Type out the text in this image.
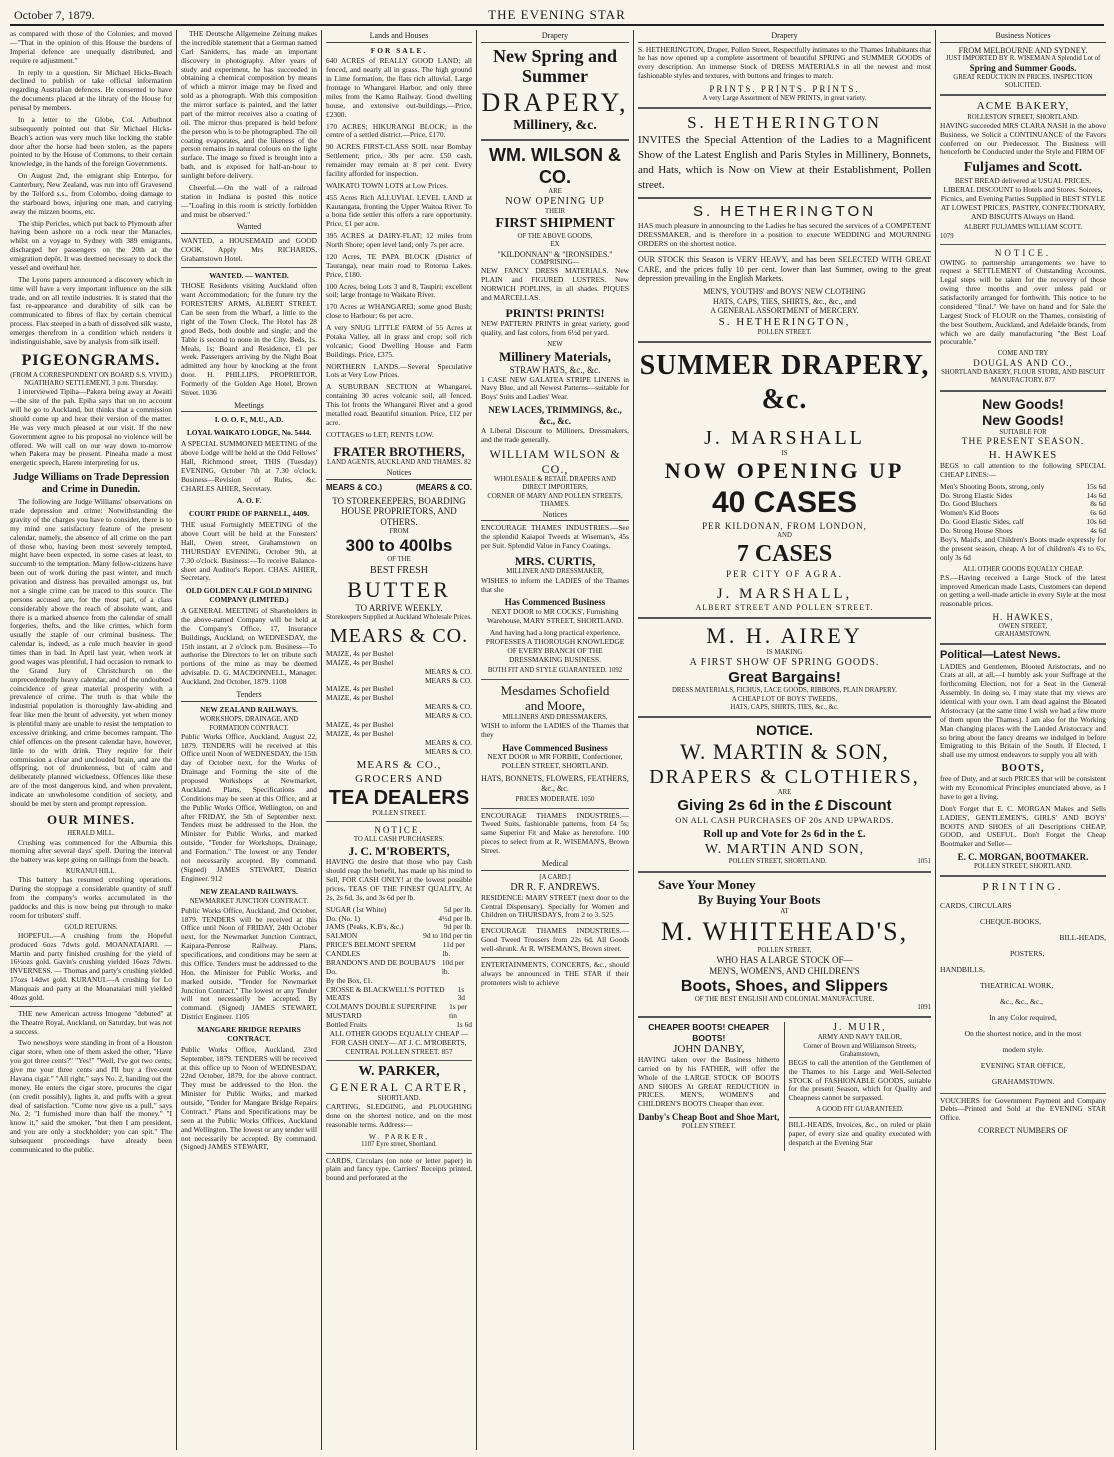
October 7, 1879.	THE EVENING STAR

as compared with those of the Colonies, and moved—"That in the opinion of this House the burdens of Imperial defence are unequally distributed, and require re adjustment."

In reply to a question, Sir Michael Hicks-Beach declined to publish or take official information regarding Australian defences. He consented to have the documents placed at the library of the House for perusal by members.

In a letter to the Globe, Col. Arbuthnot subsequently pointed out that Sir Michael Hicks-Beach's action was very much like locking the stable door after the horse had been stolen, as the papers pointed to by the House of Commons, to their certain knowledge, in the hands of the foreign Governments.

On August 2nd, the emigrant ship Enterpo, for Canterbury, New Zealand, was run into off Gravesend by the Telford s.s., from Colombo, doing damage to the starboard bows, injuring one man, and carrying away the mizzen booms, etc.

The ship Pericles, which put back to Plymouth after having been ashore on a rock near the Manacles, whilst on a voyage to Sydney with 389 emigrants, discharged her passengers on the 20th at the emigration depôt. It was deemed necessary to dock the vessel and overhaul her.

The Lyons papers announced a discovery which in time will have a very important influence on the silk trade, and on all textile industries. It is stated that the fast re-appearance and durability of silk can be communicated to fibres of flax by certain chemical process. Flax steeped in a bath of dissolved silk waste, emerges therefrom in a condition which renders it indistinguishable, save by analysis from silk itself.

PIGEONGRAMS.
(FROM A CORRESPONDENT ON BOARD S.S. VIVID.)
NGATIHARO SETTLEMENT, 3 p.m. Thursday.

I interviewed Tipiha—Pakera being away at Awaiti—the site of the pah. Epiha says that on no account will he go to Auckland, but thinks that a commission should come up and hear their version of the matter. He was very much pleased at our visit. If the new Government agree to his proposal no violence will be offered. We will call on our way down to-morrow when Pakera may be present. Pineaha made a most energetic speech, Harete interpreting for us.

Judge Williams on Trade Depression and Crime in Dunedin.

The following are Judge Williams' observations on trade depression and crime: Notwithstanding the gravity of the charges you have to consider, there is to my mind one satisfactory feature of the present calendar, namely, the absence of all crime on the part of those who, having been most severely tempted, might have been expected, in some cases at least, to succumb to the temptation. Many fellow-citizens have been out of work during the past winter, and much privation and distress has prevailed amongst us, but not a single crime can be traced to this source. The persons accused are, for the most part, of a class considerably above the reach of absolute want, and there is a marked absence from the calendar of small forgeries, thefts, and the like crimes, which form usually the staple of our criminal business. The calendar is, indeed, as a rule much heavier in good times than in bad. In April last year, when work at good wages was plentiful, I had occasion to remark to the Grand Jury of Christchurch on the unprecedentedly heavy calendar, and of the undoubted coincidence of great material prosperity with a prevalence of crime. The truth is that while the industrial population is thoroughly law-abiding and fear like men the brunt of adversity, yet when money is plentiful many are unable to resist the temptation to excessive drinking, and crime becomes rampant. The chief offences on the present calendar have, however, little to do with drink. They require for their commission a clear and unclouded brain, and are the offspring, not of drunkenness, but of calm and deliberately planned wickedness. Offences like these are of the most dangerous kind, and when prevalent, indicate an unwholesome condition of society, and should be met by stern and prompt repression.

OUR MINES.
HERALD MILL.

Crushing was commenced for the Alburnia this morning after several days' spell. During the interval the battery was kept going on tailings from the beach.

KURANUI HILL.

This battery has resumed crushing operations. During the stoppage a considerable quantity of stuff from the company's works accumulated in the paddocks and this is now being put through to make room for tributers' stuff.

GOLD RETURNS.

HOPEFUL.—A crushing from the Hopeful produced 6ozs 7dwts gold. MOANATAIARI. — Martin and party finished crushing for the yield of 16½ozs gold. Gavin's crushing yielded 16ozs 7dwts. INVERNESS. — Thomas and party's crushing yielded 17ozs 14dwt gold. KURANUI.—A crushing for Lo Manquais and party at the Moanataiari mill yielded 40ozs gold.

THE new American actress Imogene "debuted" at the Theatre Royal, Auckland, on Saturday, but was not a success.

Two newsboys were standing in front of a Houston cigar store, when one of them asked the other, "Have you got three cents?" "Yes!" "Well, I've got two cents; give me your three cents and I'll buy a five-cent Havana cigar." "All right," says No. 2, handing out the money. He enters the cigar store, procures the cigar (on credit possibly), lights it, and puffs with a great deal of satisfaction. "Come now give us a pull," says No. 2; "I furnished more than half the money." "I know it," said the smoker, "but then I am president, and you are only a stockholder; you can spit." The subsequent proceedings have already been communicated to the public.

THE Deutsche Allgemeine Zeitung makes the incredible statement that a German named Carl Saniderrs, has made an important discovery in photography. After years of study and experiment, he has succeeded in obtaining a chemical composition by means of which a mirror image may be fixed and sold as a photograph. With this composition the mirror surface is painted, and the latter part of the mirror receives also a coating of oil. The mirror thus prepared is held before the person who is to be photographed. The oil coating evaporates, and the likeness of the person remains in natural colours on the light surface. The image so fixed is brought into a bath, and is exposed for half-an-hour to sunlight before delivery.

Cheerful.—On the wall of a railroad station in Indiana is posted this notice—"Loafing in this room is strictly forbidden and must be observed."

Wanted

WANTED, a HOUSEMAID and GOOD COOK. Apply Mrs RICHARDS, Grahamstown Hotel.

WANTED. — WANTED.

THOSE Residents visiting Auckland often want Accommodation; for the future try the FORESTERS' ARMS, ALBERT STREET. Can be seen from the Wharf, a little to the right of the Town Clock. The Hotel has 28 good Beds, both double and single; and the Table is second to none in the City. Beds, 1s. Meals, 1s; Board and Residence, £1 per week. Passengers arriving by the Night Boat admitted any hour by knocking at the front door. H. PHILLIPS, PROPRIETOR, Formerly of the Golden Age Hotel, Brown Street. 1036

Meetings
I. O. O. F., M.U., A.D.
LOYAL WAIKATO LODGE, No. 5444.

A SPECIAL SUMMONED MEETING of the above Lodge will be held at the Odd Fellows' Hall, Richmond street, THIS (Tuesday) EVENING, October 7th at 7.30 o'clock. Business—Revision of Rules, &c. CHARLES AHIER, Secretary.

A. O. F.
COURT PRIDE OF PARNELL, 4409.

THE usual Fortnightly MEETING of the above Court will be held at the Foresters' Hall, Owen street, Grahamstown on THURSDAY EVENING, October 9th, at 7.30 o'clock. Business:—To receive Balance-sheet and Auditor's Report. CHAS. AHIER, Secretary.

OLD GOLDEN CALF GOLD MINING COMPANY (LIMITED.)

A GENERAL MEETING of Shareholders in the above-named Company will be held at the Company's Office, 17, Insurance Buildings, Auckland, on WEDNESDAY, the 15th instant, at 2 o'clock p.m. Business—To authorise the Directors to let on tribute such portions of the mine as may be deemed advisable. D. G. MACDONNELL, Manager. Auckland, 2nd October, 1879. 1108

Tenders
NEW ZEALAND RAILWAYS.
WORKSHOPS, DRAINAGE, AND FORMATION CONTRACT.

Public Works Office, Auckland, August 22, 1879. TENDERS will be received at this Office until Noon of WEDNESDAY, the 15th day of October next, for the Works of Drainage and Forming the site of the proposed Workshops at Newmarket, Auckland. Plans, Specifications and Conditions may be seen at this Office, and at the Public Works Office, Wellington, on and after FRIDAY, the 5th of September next. Tenders must be addressed to the Hon. the Minister for Public Works, and marked outside, "Tender for Workshops, Drainage, and Formation." The lowest or any Tender not necessarily accepted. By command. (Signed) JAMES STEWART, District Engineer. 912

NEW ZEALAND RAILWAYS.
NEWMARKET JUNCTION CONTRACT.

Public Works Office, Auckland, 2nd October, 1879. TENDERS will be received at this Office until Noon of FRIDAY, 24th October next, for the Newmarket Junction Contract, Kaipara-Penrose Railway. Plans, specifications, and conditions may be seen at this Office. Tenders must be addressed to the Hon. the Minister for Public Works, and marked outside, "Tender for Newmarket Junction Contract." The lowest or any Tender will not necessarily be accepted. By command. (Signed) JAMES STEWART, District Engineer. 1105

MANGARE BRIDGE REPAIRS CONTRACT.

Public Works Office, Auckland, 23rd September, 1879. TENDERS will be received at this office up to Noon of WEDNESDAY, 22nd October, 1879, for the above contract. They must be addressed to the Hon. the Minister for Public Works, and marked outside, "Tender for Mangare Bridge Repairs Contract." Plans and Specifications may be seen at the Public Works Offices, Auckland and Wellington. The lowest or any tender will not necessarily be accepted. By command. (Signed) JAMES STEWART,

Lands and Houses
FOR SALE.

640 ACRES of REALLY GOOD LAND; all fenced, and nearly all in grass. The high ground in Lime formation, the flats rich alluvial. Large frontage to Whangarei Harbor, and only three miles from the Kamo Railway. Good dwelling house, and extensive out-buildings.—Price, £2300.

170 ACRES; HIKURANGI BLOCK; in the centre of a settled district.—Price, £170.

90 ACRES FIRST-CLASS SOIL near Bombay Settlement; price, 30s per acre. £50 cash, remainder may remain at 8 per cent. Every facility afforded for inspection.

WAIKATO TOWN LOTS at Low Prices.

455 Acres Rich ALLUVIAL LEVEL LAND at Kautangata, fronting the Upper Waitoa River. To a bona fide settler this offers a rare opportunity. Price, £1 per acre.

395 ACRES at DAIRY-FLAT; 12 miles from North Shore; open level land; only 7s per acre.

120 Acres, TE PAPA BLOCK (District of Tauranga), near main road to Rotorua Lakes. Price, £180.

100 Acres, being Lots 3 and 8, Taupiri; excellent soil; large frontage to Waikato River.

170 Acres at WHANGAREI; some good Bush; close to Harbour; 6s per acre.

A very SNUG LITTLE FARM of 55 Acres at Potaka Valley, all in grass and crop; soil rich volcanic; Good Dwelling House and Farm Buildings. Price, £375.

NORTHERN LANDS.—Several Speculative Lots at Very Low Prices.

A SUBURBAN SECTION at Whangarei, containing 30 acres volcanic soil, all fenced. This lot fronts the Whangarei River and a good metalled road. Beautiful situation. Price, £12 per acre.

COTTAGES to LET; RENTS LOW.

FRATER BROTHERS,
LAND AGENTS, AUCKLAND AND THAMES. 82
Notices
MEARS & CO.)	(MEARS & CO.
TO STOREKEEPERS, BOARDING HOUSE PROPRIETORS, AND OTHERS.
FROM
300 to 400lbs
OF THE
BEST FRESH
BUTTER
TO ARRIVE WEEKLY.
Storekeepers Supplied at Auckland Wholesale Prices.
MEARS & CO.
MAIZE, 4s per Bushel
MAIZE, 4s per Bushel
MEARS & CO.
MEARS & CO.
MAIZE, 4s per Bushel
MAIZE, 4s per Bushel
MEARS & CO.
MEARS & CO.
MAIZE, 4s per Bushel
MAIZE, 4s per Bushel
MEARS & CO.
MEARS & CO.
MEARS & CO., GROCERS AND
TEA DEALERS
POLLEN STREET.
NOTICE.
TO ALL CASH PURCHASERS.
J. C. M'ROBERTS,

HAVING the desire that those who pay Cash should reap the benefit, has made up his mind to Sell, FOR CASH ONLY! at the lowest possible prices, TEAS OF THE FINEST QUALITY, At 2s, 2s 6d, 3s, and 3s 6d per lb.

SUGAR (1st White)	5d per lb.
Do. (No. 1)	4½d per lb.
JAMS (Peaks, K.B's, &c.)	9d per lb.
SALMON	9d to 10d per tin
PRICE'S BELMONT SPERM CANDLES
11d per lb.
BRANDON'S AND DE BOUBAU'S Do.
10d per lb.
By the Box, £1.
CROSSE & BLACKWELL'S POTTED MEATS
1s 3d
COLMAN'S DOUBLE SUPERFINE MUSTARD
1s per tin
Bottled Fruits	1s 6d

ALL OTHER GOODS EQUALLY CHEAP —FOR CASH ONLY— AT J. C. M'ROBERTS, CENTRAL POLLEN STREET. 857

W. PARKER,
GENERAL CARTER,
SHORTLAND.

CARTING, SLEDGING, and PLOUGHING done on the shortest notice, and on the most reasonable terms. Address:—

W. PARKER,
1107 Eyre street, Shortland.

CARDS, Circulars (on note or letter paper) in plain and fancy type. Carriers' Receipts printed, bound and perforated at the

Drapery
New Spring and
Summer
DRAPERY,
Millinery, &c.
WM. WILSON & CO.
ARE
NOW OPENING UP
THEIR
FIRST SHIPMENT
OF THE ABOVE GOODS,
EX
"KILDONNAN" & "IRONSIDES."
COMPRISING—

NEW FANCY DRESS MATERIALS. New PLAIN and FIGURED LUSTRES. New NORWICH POPLINS, in all shades. PIQUES and MARCELLAS.

PRINTS! PRINTS!

NEW PATTERN PRINTS in great variety, good quality, and fast colors, from 6½d per yard.

NEW
Millinery Materials,
STRAW HATS, &c., &c.

1 CASE NEW GALATEA STRIPE LINENS in Navy Blue, and all Newest Patterns—suitable for Boys' Suits and Ladies' Wear.

NEW LACES, TRIMMINGS, &c., &c., &c.

A Liberal Discount to Milliners, Dressmakers, and the trade generally.

WILLIAM WILSON & CO.,
WHOLESALE & RETAIL DRAPERS AND DIRECT IMPORTERS,
CORNER OF MARY AND POLLEN STREETS, THAMES.
Notices

ENCOURAGE THAMES INDUSTRIES.—See the splendid Kaiapoi Tweeds at Wiseman's, 45s per Suit. Splendid Value in Fancy Coatings.

MRS. CURTIS,
MILLINER AND DRESSMAKER,

WISHES to inform the LADIES of the Thames that she

Has Commenced Business

NEXT DOOR to MR COCKS', Furnishing Warehouse, MARY STREET, SHORTLAND.

And having had a long practical experience, PROFESSES A THOROUGH KNOWLEDGE OF EVERY BRANCH OF THE DRESSMAKING BUSINESS.

BOTH FIT AND STYLE GUARANTEED. 1092
Mesdames Schofield
and Moore,
MILLINERS AND DRESSMAKERS,

WISH to inform the LADIES of the Thames that they

Have Commenced Business

NEXT DOOR to MR FORBIE, Confectioner, POLLEN STREET, SHORTLAND.

HATS, BONNETS, FLOWERS, FEATHERS, &c., &c.

PRICES MODERATE. 1050

ENCOURAGE THAMES INDUSTRIES.—Tweed Suits, fashionable patterns, from £4 5s; same Superior Fit and Make as heretofore. 100 pieces to select from at R. WISEMAN'S, Brown Street.

Medical
[A CARD.]
DR R. F. ANDREWS.

RESIDENCE: MARY STREET (next door to the Central Dispensary). Specially for Women and Children on THURSDAYS, from 2 to 3. 525

ENCOURAGE THAMES INDUSTRIES.—Good Tweed Trousers from 22s 6d. All Goods well-shrunk. At R. WISEMAN'S, Brown street.

ENTERTAINMENTS, CONCERTS, &c., should always be announced in THE STAR if their promoters wish to achieve

Drapery

S. HETHERINGTON, Draper, Pollen Street, Respectfully intimates to the Thames Inhabitants that he has now opened up a complete assortment of beautiful SPRING and SUMMER GOODS of every description. An immense Stock of DRESS MATERIALS in all the newest and most fashionable styles and textures, with buttons and fringes to match.

PRINTS. PRINTS. PRINTS.
A very Large Assortment of NEW PRINTS, in great variety.
S. HETHERINGTON

INVITES the Special Attention of the Ladies to a Magnificent Show of the Latest English and Paris Styles in Millinery, Bonnets, and Hats, which is Now on View at their Establishment, Pollen street.

S. HETHERINGTON

HAS much pleasure in announcing to the Ladies he has secured the services of a COMPETENT DRESSMAKER, and is therefore in a position to execute WEDDING and MOURNING ORDERS on the shortest notice.

OUR STOCK this Season is VERY HEAVY, and has been SELECTED WITH GREAT CARE, and the prices fully 10 per cent. lower than last Summer, owing to the great depression prevailing in the English Markets.

MEN'S, YOUTHS' and BOYS' NEW CLOTHING
HATS, CAPS, TIES, SHIRTS, &c., &c., and
A GENERAL ASSORTMENT of MERCERY.
S. HETHERINGTON,
POLLEN STREET.
SUMMER DRAPERY, &c.
J. MARSHALL
IS
NOW OPENING UP
40 CASES
PER KILDONAN, FROM LONDON,
AND
7 CASES
PER CITY OF AGRA.
J. MARSHALL,
ALBERT STREET AND POLLEN STREET.
M. H. AIREY
IS MAKING
A FIRST SHOW OF SPRING GOODS.
Great Bargains!
DRESS MATERIALS, FICHUS, LACE GOODS, RIBBONS, PLAIN DRAPERY.
A CHEAP LOT OF BOYS' TWEEDS,
HATS, CAPS, SHIRTS, TIES, &c., &c.
NOTICE.
W. MARTIN & SON,
DRAPERS & CLOTHIERS,
ARE
Giving 2s 6d in the £ Discount
ON ALL CASH PURCHASES OF 20s AND UPWARDS.
Roll up and Vote for 2s 6d in the £.
W. MARTIN AND SON,
POLLEN STREET, SHORTLAND.	1051
Save Your Money
By Buying Your Boots
AT
M. WHITEHEAD'S,
POLLEN STREET,
WHO HAS A LARGE STOCK OF—
MEN'S, WOMEN'S, AND CHILDREN'S
Boots, Shoes, and Slippers
OF THE BEST ENGLISH AND COLONIAL MANUFACTURE.
1091
CHEAPER BOOTS! CHEAPER BOOTS!
JOHN DANBY,

HAVING taken over the Business hitherto carried on by his FATHER, will offer the Whole of the LARGE STOCK OF BOOTS AND SHOES At GREAT REDUCTION in PRICES. MEN'S, WOMEN'S and CHILDREN'S BOOTS Cheaper than ever.

Danby's Cheap Boot and Shoe Mart,
POLLEN STREET.
J. MUIR,
ARMY AND NAVY TAILOR,
Corner of Brown and Williamson Streets, Grahamstown,

BEGS to call the attention of the Gentlemen of the Thames to his Large and Well-Selected STOCK of FASHIONABLE GOODS, suitable for the present Season, which for Quality and Cheapness cannot be surpassed.

A GOOD FIT GUARANTEED.

BILL-HEADS, Invoices, &c., on ruled or plain paper, of every size and quality executed with despatch at the Evening Star

Business Notices
FROM MELBOURNE AND SYDNEY.
JUST IMPORTED BY R. WISEMAN A Splendid Lot of
Spring and Summer Goods.
GREAT REDUCTION IN PRICES. INSPECTION SOLICITED.
ACME BAKERY,
ROLLESTON STREET, SHORTLAND.

HAVING succeeded MRS CLARA NASH in the above Business, we Solicit a CONTINUANCE of the Favors conferred on our Predecessor. The Business will henceforth be Conducted under the Style and FIRM OF

Fuljames and Scott.

BEST BREAD delivered at USUAL PRICES. LIBERAL DISCOUNT to Hotels and Stores. Soirees, Picnics, and Evening Parties Supplied in BEST STYLE AT LOWEST PRICES. PASTRY, CONFECTIONARY, AND BISCUITS Always on Hand.

ALBERT FULJAMES WILLIAM SCOTT.
1079
NOTICE.

OWING to partnership arrangements we have to request a SETTLEMENT of Outstanding Accounts. Legal steps will be taken for the recovery of those owing three months and over unless paid or satisfactorily arranged for forthwith. This notice to be considered "final." We have on hand and for Sale the Largest Stock of FLOUR on the Thames, consisting of the best Southern, Auckland, and Adelaide brands, from which we are daily manufacturing "the Best Loaf procurable."

COME AND TRY
DOUGLAS AND CO.,
SHORTLAND BAKERY, FLOUR STORE, AND BISCUIT MANUFACTORY. 877
New Goods!
New Goods!
SUITABLE FOR
THE PRESENT SEASON.
H. HAWKES

BEGS to call attention to the following SPECIAL CHEAP LINES:—

Men's Shooting Boots, strong, only	15s 6d
Do. Strong Elastic Sides	14s 6d
Do. Good Bluchers	8s 6d
Women's Kid Boots	6s 6d
Do. Good Elastic Sides, calf	10s 6d
Do. Strong House Shoes	4s 6d

Boy's, Maid's, and Children's Boots made expressly for the present season, cheap. A lot of children's 4's to 6's, only 3s 6d

ALL OTHER GOODS EQUALLY CHEAP.

P.S.—Having received a Large Stock of the latest improved American made Lasts, Customers can depend on getting a well-made article in every Style at the most reasonable prices.

H. HAWKES,
OWEN STREET,
GRAHAMSTOWN.
Political—Latest News.

LADIES and Gentlemen, Blooted Aristocrats, and no Crats at all, at all,—I humbly ask your Suffrage at the forthcoming Election, not for a Seat in the General Assembly. In doing so, I may state that my views are identical with your own. I am dead against the Bloated Aristocracy (at the same time I wish we had a few more of them upon the Thames). I am also for the Working Man changing places with the Landed Aristocracy and so bring about the fancy dreams we indulged in before Emigrating to this Britain of the South. If Elected, I shall use my utmost endeavors to supply you all with

BOOTS,

free of Duty, and at such PRICES that will be consistent with my Economical Principles enunciated above, as I have to get a living.

Don't Forget that E. C. MORGAN Makes and Sells LADIES', GENTLEMEN'S, GIRLS' AND BOYS' BOOTS AND SHOES of all Descriptions CHEAP, GOOD, and USEFUL. Don't Forget the Cheap Bootmaker and Seller—

E. C. MORGAN, BOOTMAKER.
POLLEN STREET, SHORTLAND.
PRINTING.
CARDS, CIRCULARS
CHEQUE-BOOKS,
BILL-HEADS,
POSTERS,
HANDBILLS,
THEATRICAL WORK,
&c., &c., &c.,
In any Color required,
On the shortest notice, and in the most
modern style.
EVENING STAR OFFICE,
GRAHAMSTOWN.

VOUCHERS for Government Payment and Company Debts—Printed and Sold at the EVENING STAR Office.

CORRECT NUMBERS OF
